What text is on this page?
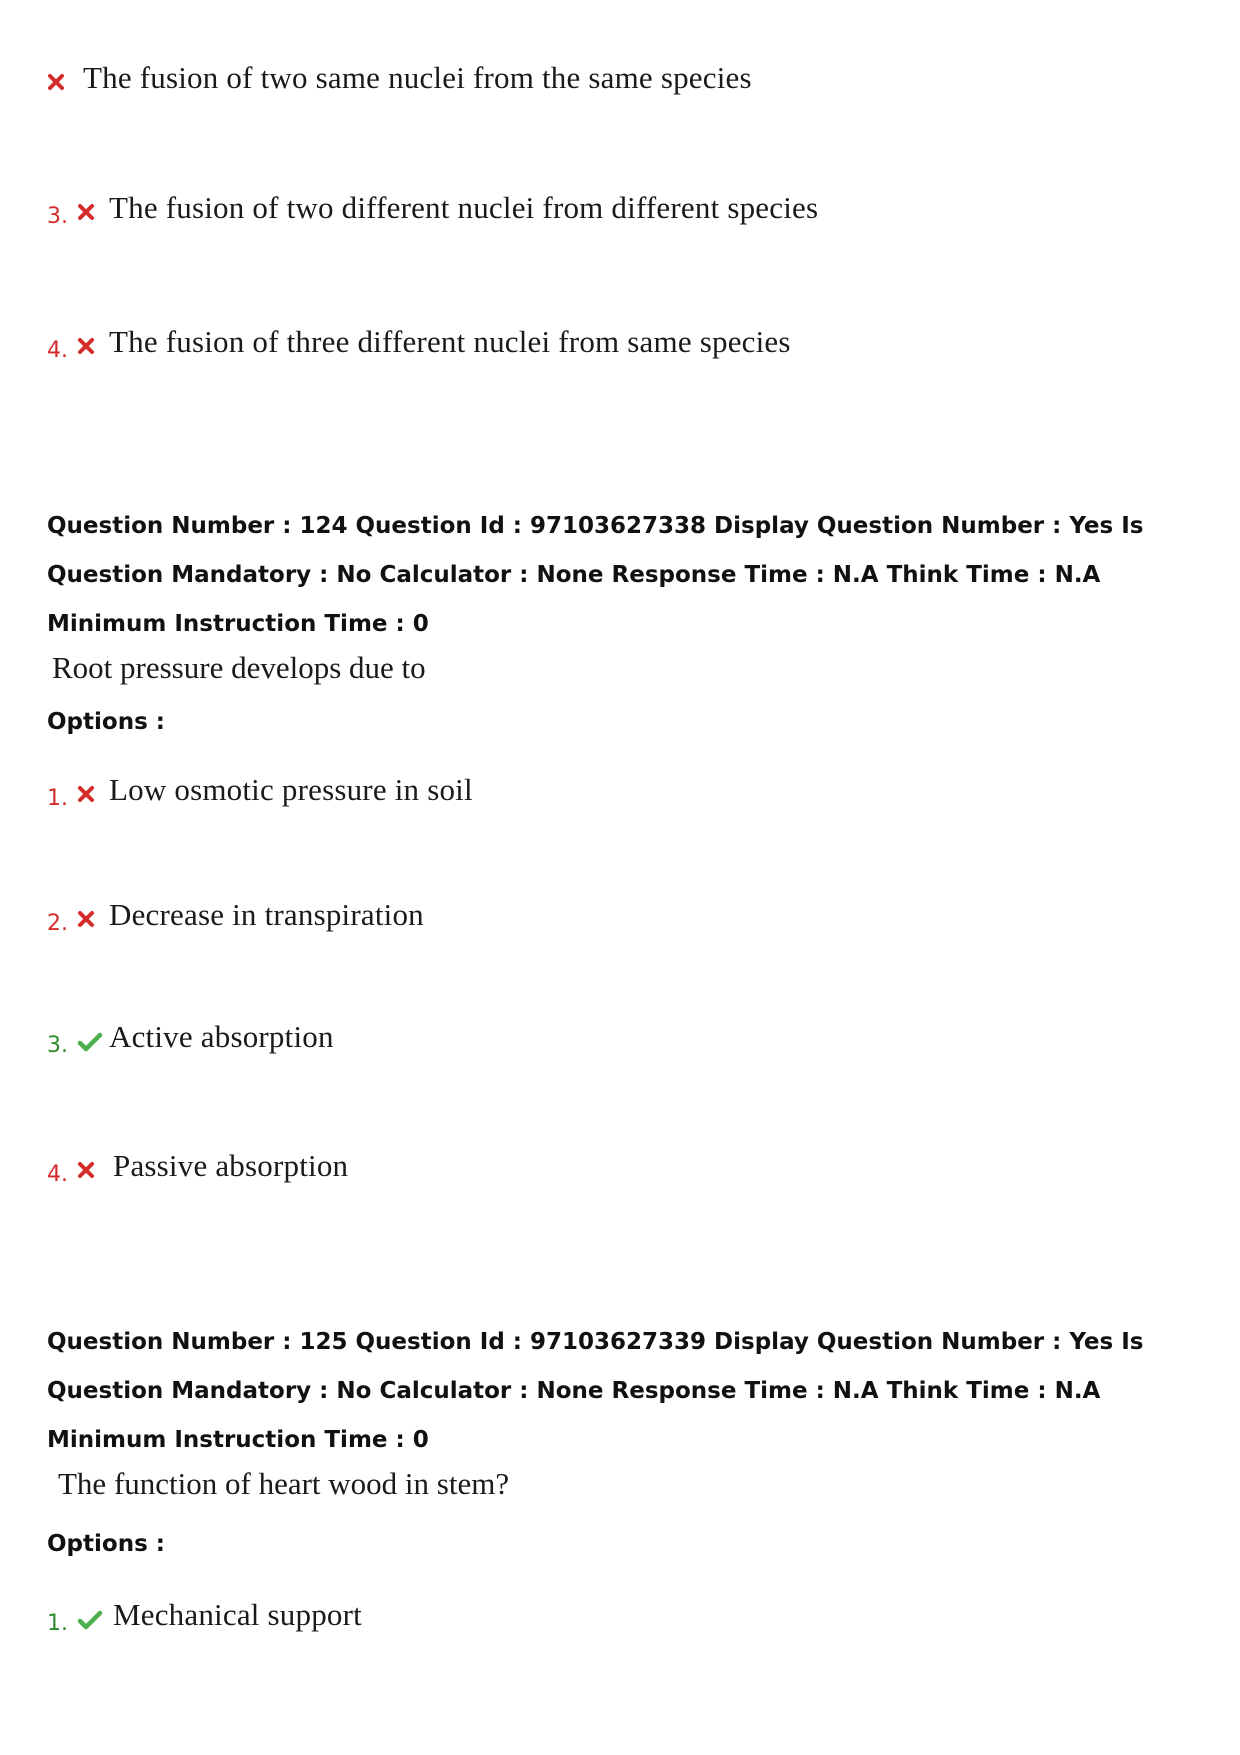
The fusion of two same nuclei from the same species
3. The fusion of two different nuclei from different species
4. The fusion of three different nuclei from same species
Question Number : 124 Question Id : 97103627338 Display Question Number : Yes Is Question Mandatory : No Calculator : None Response Time : N.A Think Time : N.A Minimum Instruction Time : 0
Root pressure develops due to
Options :
1. Low osmotic pressure in soil
2. Decrease in transpiration
3. Active absorption
4. Passive absorption
Question Number : 125 Question Id : 97103627339 Display Question Number : Yes Is Question Mandatory : No Calculator : None Response Time : N.A Think Time : N.A Minimum Instruction Time : 0
The function of heart wood in stem?
Options :
1. Mechanical support
